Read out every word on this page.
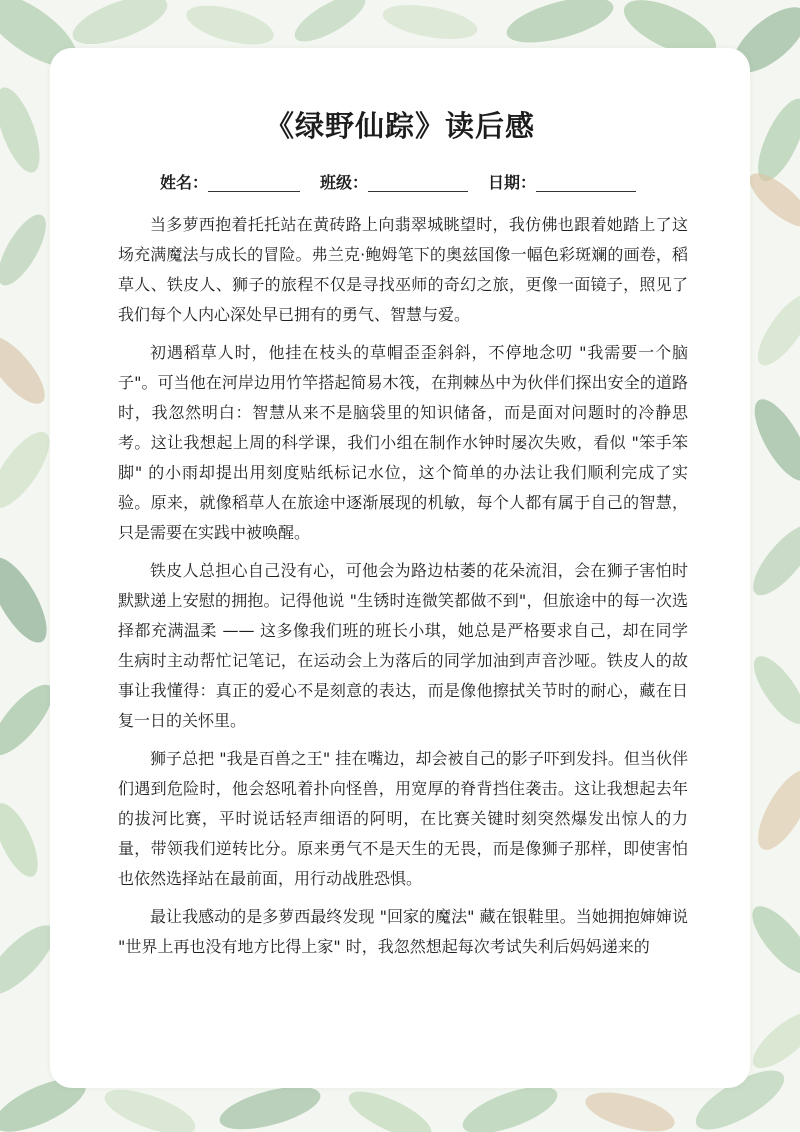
《绿野仙踪》读后感
姓名：	班级：	日期：

当多萝西抱着托托站在黄砖路上向翡翠城眺望时，我仿佛也跟着她踏上了这场充满魔法与成长的冒险。弗兰克·鲍姆笔下的奥兹国像一幅色彩斑斓的画卷，稻草人、铁皮人、狮子的旅程不仅是寻找巫师的奇幻之旅，更像一面镜子，照见了我们每个人内心深处早已拥有的勇气、智慧与爱。

初遇稻草人时，他挂在枝头的草帽歪歪斜斜，不停地念叨 "我需要一个脑子"。可当他在河岸边用竹竿搭起简易木筏，在荆棘丛中为伙伴们探出安全的道路时，我忽然明白：智慧从来不是脑袋里的知识储备，而是面对问题时的冷静思考。这让我想起上周的科学课，我们小组在制作水钟时屡次失败，看似 "笨手笨脚" 的小雨却提出用刻度贴纸标记水位，这个简单的办法让我们顺利完成了实验。原来，就像稻草人在旅途中逐渐展现的机敏，每个人都有属于自己的智慧，只是需要在实践中被唤醒。

铁皮人总担心自己没有心，可他会为路边枯萎的花朵流泪，会在狮子害怕时默默递上安慰的拥抱。记得他说 "生锈时连微笑都做不到"，但旅途中的每一次选择都充满温柔 —— 这多像我们班的班长小琪，她总是严格要求自己，却在同学生病时主动帮忙记笔记，在运动会上为落后的同学加油到声音沙哑。铁皮人的故事让我懂得：真正的爱心不是刻意的表达，而是像他擦拭关节时的耐心，藏在日复一日的关怀里。

狮子总把 "我是百兽之王" 挂在嘴边，却会被自己的影子吓到发抖。但当伙伴们遇到危险时，他会怒吼着扑向怪兽，用宽厚的脊背挡住袭击。这让我想起去年的拔河比赛，平时说话轻声细语的阿明，在比赛关键时刻突然爆发出惊人的力量，带领我们逆转比分。原来勇气不是天生的无畏，而是像狮子那样，即使害怕也依然选择站在最前面，用行动战胜恐惧。

最让我感动的是多萝西最终发现 "回家的魔法" 藏在银鞋里。当她拥抱婶婶说 "世界上再也没有地方比得上家" 时，我忽然想起每次考试失利后妈妈递来的
